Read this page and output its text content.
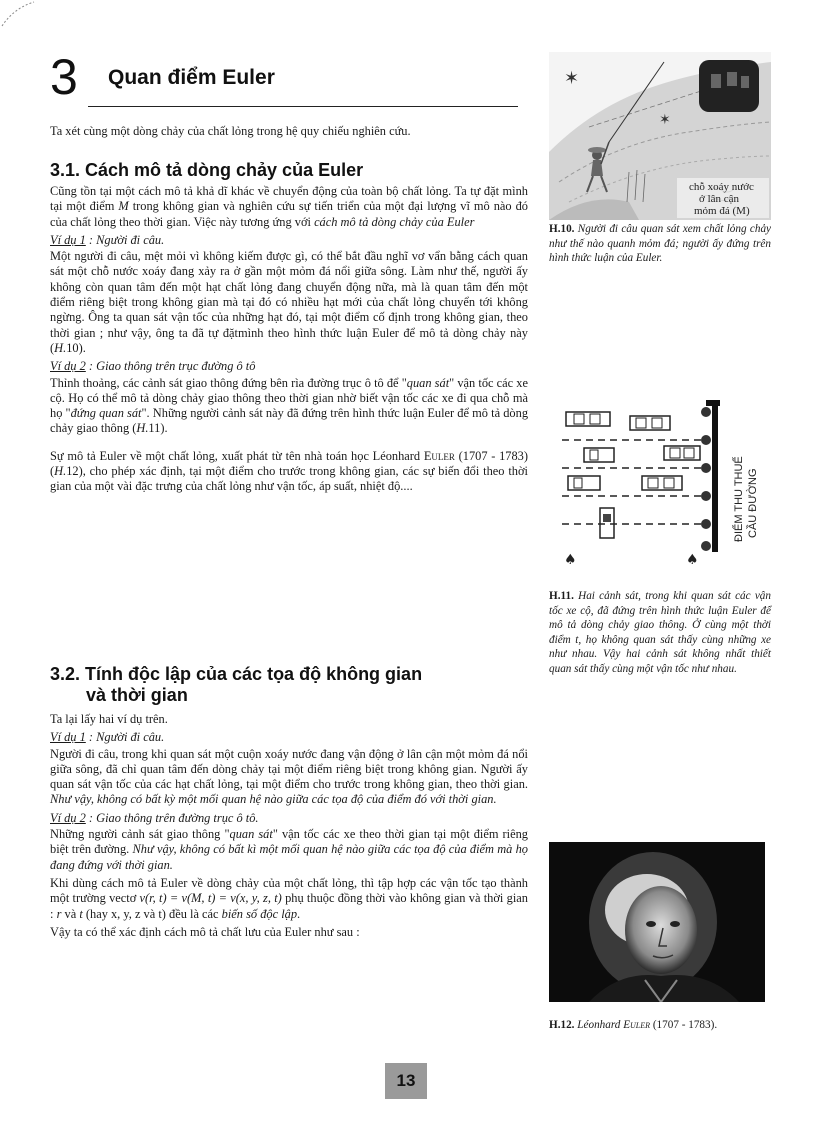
3 Quan điểm Euler
Ta xét cùng một dòng chảy của chất lỏng trong hệ quy chiếu nghiên cứu.
3.1. Cách mô tả dòng chảy của Euler

Cũng tồn tại một cách mô tả khả dĩ khác về chuyển động của toàn bộ chất lỏng. Ta tự đặt mình tại một điểm M trong không gian và nghiên cứu sự tiến triển của một đại lượng vĩ mô nào đó của chất lỏng theo thời gian. Việc này tương ứng với cách mô tả dòng chảy của Euler

Ví dụ 1 : Người đi câu.

Một người đi câu, mệt mỏi vì không kiếm được gì, có thể bắt đầu nghĩ vơ vẩn bằng cách quan sát một chỗ nước xoáy đang xảy ra ở gần một mỏm đá nổi giữa sông. Làm như thế, người ấy không còn quan tâm đến một hạt chất lỏng đang chuyển động nữa, mà là quan tâm đến một điểm riêng biệt trong không gian mà tại đó có nhiều hạt mới của chất lỏng chuyển tới không ngừng. Ông ta quan sát vận tốc của những hạt đó, tại một điểm cố định trong không gian, theo thời gian ; như vậy, ông ta đã tự đặtmình theo hình thức luận Euler để mô tả dòng chảy này (H.10).

Ví dụ 2 : Giao thông trên trục đường ô tô

Thỉnh thoảng, các cảnh sát giao thông đứng bên rìa đường trục ô tô để "quan sát" vận tốc các xe cộ. Họ có thể mô tả dòng chảy giao thông theo thời gian nhờ biết vận tốc các xe đi qua chỗ mà họ "đứng quan sát". Những người cảnh sát này đã đứng trên hình thức luận Euler để mô tả dòng chảy giao thông (H.11).

Sự mô tả Euler về một chất lỏng, xuất phát từ tên nhà toán học Léonhard Euler (1707 - 1783) (H.12), cho phép xác định, tại một điểm cho trước trong không gian, các sự biến đổi theo thời gian của một vài đặc trưng của chất lỏng như vận tốc, áp suất, nhiệt độ....

3.2. Tính độc lập của các tọa độ không gian
và thời gian

Ta lại lấy hai ví dụ trên.

Ví dụ 1 : Người đi câu.

Người đi câu, trong khi quan sát một cuộn xoáy nước đang vận động ở lân cận một mỏm đá nổi giữa sông, đã chỉ quan tâm đến dòng chảy tại một điểm riêng biệt trong không gian. Người ấy quan sát vận tốc của các hạt chất lỏng, tại một điểm cho trước trong không gian, theo thời gian. Như vậy, không có bất kỳ một mối quan hệ nào giữa các tọa độ của điểm đó với thời gian.

Ví dụ 2 : Giao thông trên đường trục ô tô.

Những người cảnh sát giao thông "quan sát" vận tốc các xe theo thời gian tại một điểm riêng biệt trên đường. Như vậy, không có bất kì một mối quan hệ nào giữa các tọa độ của điểm mà họ đang đứng với thời gian.

Khi dùng cách mô tả Euler về dòng chảy của một chất lỏng, thì tập hợp các vận tốc tạo thành một trường vectơ v(r, t) = v(M, t) = v(x, y, z, t) phụ thuộc đồng thời vào không gian và thời gian : r và t (hay x, y, z và t) đều là các biến số độc lập.

Vậy ta có thể xác định cách mô tả chất lưu của Euler như sau :

✶
✶
chỗ xoáy nước
ở lân cận
mỏm đá (M)
H.10. Người đi câu quan sát xem chất lỏng chảy như thế nào quanh mỏm đá; người ấy đứng trên hình thức luận của Euler.
♠	♠
ĐIỂM THU THUẾ CẦU ĐƯỜNG
H.11. Hai cảnh sát, trong khi quan sát các vận tốc xe cộ, đã đứng trên hình thức luận Euler để mô tả dòng chảy giao thông. Ở cùng một thời điểm t, họ không quan sát thấy cùng những xe như nhau. Vậy hai cảnh sát không nhất thiết quan sát thấy cùng một vận tốc như nhau.
H.12. Léonhard Euler (1707 - 1783).
13
